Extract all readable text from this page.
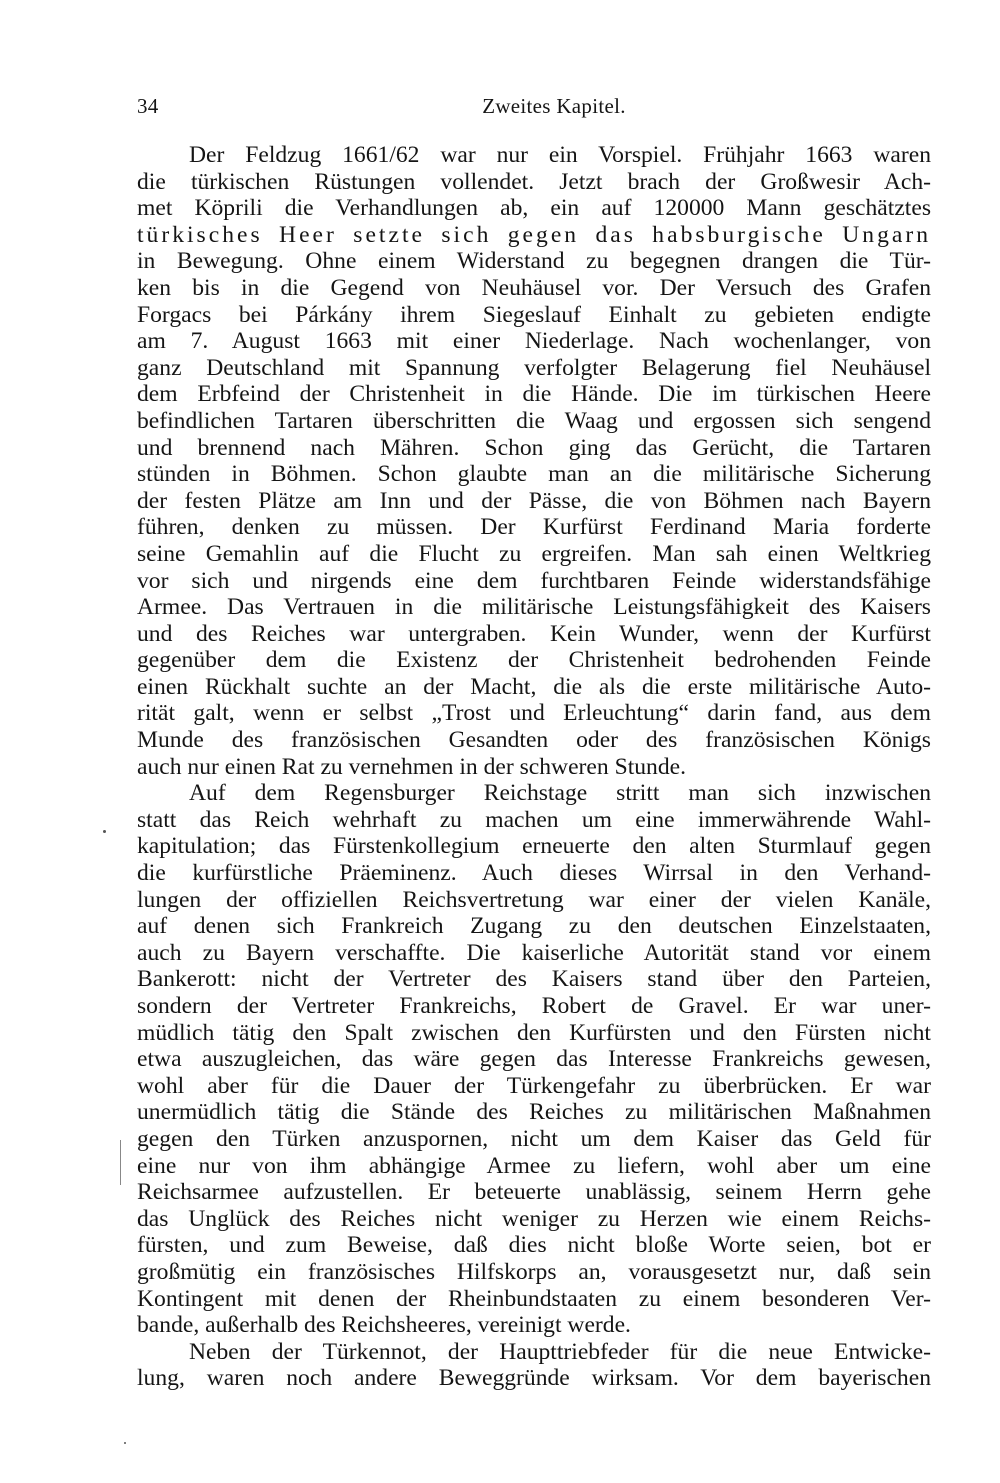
34	Zweites Kapitel.
Der Feldzug 1661/62 war nur ein Vorspiel. Frühjahr 1663 waren
die türkischen Rüstungen vollendet. Jetzt brach der Großwesir Ach-
met Köprili die Verhandlungen ab, ein auf 120000 Mann geschätztes
türkisches Heer setzte sich gegen das habsburgische Ungarn
in Bewegung. Ohne einem Widerstand zu begegnen drangen die Tür-
ken bis in die Gegend von Neuhäusel vor. Der Versuch des Grafen
Forgacs bei Párkány ihrem Siegeslauf Einhalt zu gebieten endigte
am 7. August 1663 mit einer Niederlage. Nach wochenlanger, von
ganz Deutschland mit Spannung verfolgter Belagerung fiel Neuhäusel
dem Erbfeind der Christenheit in die Hände. Die im türkischen Heere
befindlichen Tartaren überschritten die Waag und ergossen sich sengend
und brennend nach Mähren. Schon ging das Gerücht, die Tartaren
stünden in Böhmen. Schon glaubte man an die militärische Sicherung
der festen Plätze am Inn und der Pässe, die von Böhmen nach Bayern
führen, denken zu müssen. Der Kurfürst Ferdinand Maria forderte
seine Gemahlin auf die Flucht zu ergreifen. Man sah einen Weltkrieg
vor sich und nirgends eine dem furchtbaren Feinde widerstandsfähige
Armee. Das Vertrauen in die militärische Leistungsfähigkeit des Kaisers
und des Reiches war untergraben. Kein Wunder, wenn der Kurfürst
gegenüber dem die Existenz der Christenheit bedrohenden Feinde
einen Rückhalt suchte an der Macht, die als die erste militärische Auto-
rität galt, wenn er selbst „Trost und Erleuchtung“ darin fand, aus dem
Munde des französischen Gesandten oder des französischen Königs
auch nur einen Rat zu vernehmen in der schweren Stunde.
Auf dem Regensburger Reichstage stritt man sich inzwischen
statt das Reich wehrhaft zu machen um eine immerwährende Wahl-
kapitulation; das Fürstenkollegium erneuerte den alten Sturmlauf gegen
die kurfürstliche Präeminenz. Auch dieses Wirrsal in den Verhand-
lungen der offiziellen Reichsvertretung war einer der vielen Kanäle,
auf denen sich Frankreich Zugang zu den deutschen Einzelstaaten,
auch zu Bayern verschaffte. Die kaiserliche Autorität stand vor einem
Bankerott: nicht der Vertreter des Kaisers stand über den Parteien,
sondern der Vertreter Frankreichs, Robert de Gravel. Er war uner-
müdlich tätig den Spalt zwischen den Kurfürsten und den Fürsten nicht
etwa auszugleichen, das wäre gegen das Interesse Frankreichs gewesen,
wohl aber für die Dauer der Türkengefahr zu überbrücken. Er war
unermüdlich tätig die Stände des Reiches zu militärischen Maßnahmen
gegen den Türken anzuspornen, nicht um dem Kaiser das Geld für
eine nur von ihm abhängige Armee zu liefern, wohl aber um eine
Reichsarmee aufzustellen. Er beteuerte unablässig, seinem Herrn gehe
das Unglück des Reiches nicht weniger zu Herzen wie einem Reichs-
fürsten, und zum Beweise, daß dies nicht bloße Worte seien, bot er
großmütig ein französisches Hilfskorps an, vorausgesetzt nur, daß sein
Kontingent mit denen der Rheinbundstaaten zu einem besonderen Ver-
bande, außerhalb des Reichsheeres, vereinigt werde.
Neben der Türkennot, der Haupttriebfeder für die neue Entwicke-
lung, waren noch andere Beweggründe wirksam. Vor dem bayerischen
